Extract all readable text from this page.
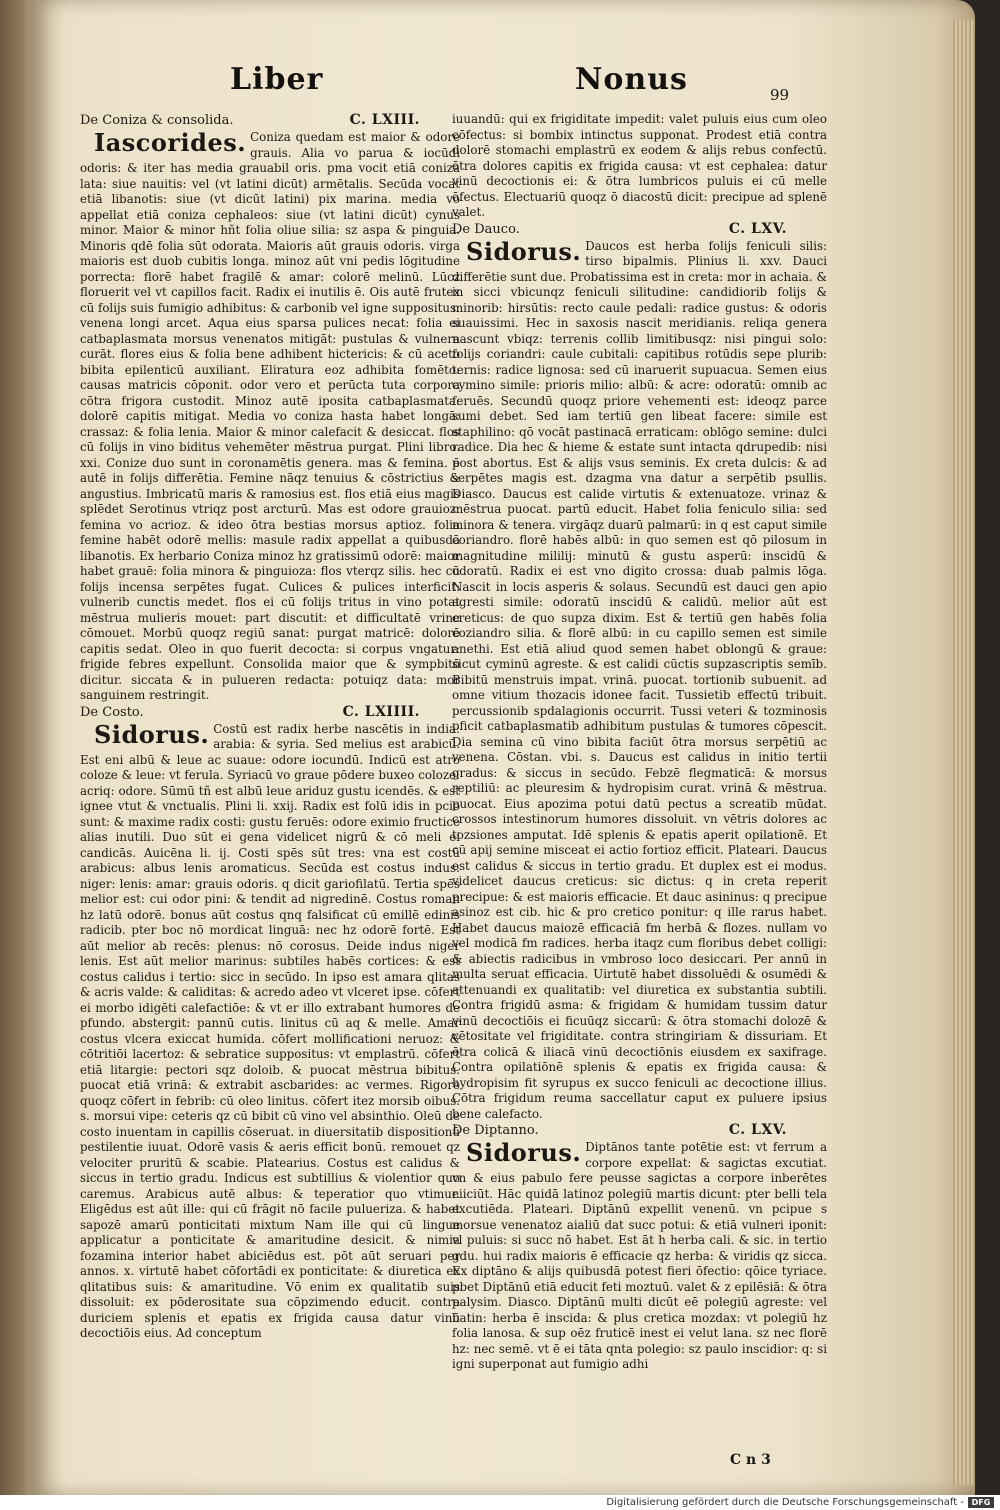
Liber	Nonus	99
De Coniza & consolida.	C. LXIII.

Iascorides. Coniza quedam est maior & odore grauis. Alia vo parua & iocūdi odoris: & iter has media grauabil oris. pma vocit etiā coniza lata: siue nauitis: vel (vt latini dicūt) armētalis. Secūda vocat etiā libanotis: siue (vt dicūt latini) pix marina. media vo appellat etiā coniza cephaleos: siue (vt latini dicūt) cynus minor. Maior & minor hñt folia oliue silia: sz aspa & pinguia. Minoris qdē folia sūt odorata. Maioris aūt grauis odoris. virga maioris est duob cubitis longa. minoz aūt vni pedis lōgitudine porrecta: florē habet fragilē & amar: colorē melinū. Lūcz floruerit vel vt capillos facit. Radix ei inutilis ē. Ois autē frutex cū folijs suis fumigio adhibitus: & carbonib vel igne suppositus: venena longi arcet. Aqua eius sparsa pulices necat: folia ei catbaplasmata morsus venenatos mitigāt: pustulas & vulnera curāt. flores eius & folia bene adhibent hictericis: & cū aceto bibita epilenticū auxiliant. Eliratura eoz adhibita fomēto: causas matricis cōponit. odor vero et perūcta tuta corpora cōtra frigora custodit. Minoz autē iposita catbaplasmata: dolorē capitis mitigat. Media vo coniza hasta habet longā: crassaz: & folia lenia. Maior & minor calefacit & desiccat. flos cū folijs in vino biditus vehemēter mēstrua purgat. Plini libro. xxi. Conize duo sunt in coronamētis genera. mas & femina. ē autē in folijs differētia. Femine nāqz tenuius & cōstrictius & angustius. Imbricatū maris & ramosius est. flos etiā eius magis splēdet Serotinus vtriqz post arcturū. Mas est odore grauioz: femina vo acrioz. & ideo ōtra bestias morsus aptioz. folia femine habēt odorē mellis: masule radix appellat a quibusdā libanotis. Ex herbario Coniza minoz hz gratissimū odorē: maior habet grauē: folia minora & pinguioza: flos vterqz silis. hec cū folijs incensa serpētes fugat. Culices & pulices interficit: vulnerib cunctis medet. flos ei cū folijs tritus in vino potat mēstrua mulieris mouet: part discutit: et difficultatē vrine cōmouet. Morbū quoqz regiū sanat: purgat matricē: dolorē capitis sedat. Oleo in quo fuerit decocta: si corpus vngatur: frigide febres expellunt. Consolida maior que & sympbitō dicitur. siccata & in pulueren redacta: potuiqz data: mor sanguinem restringit.

De Costo.	C. LXIIII.

Sidorus. Costū est radix herbe nascētis in india: arabia: & syria. Sed melius est arabicū. Est eni albū & leue ac suaue: odore iocundū. Indicū est atro coloze & leue: vt ferula. Syriacū vo graue pōdere buxeo coloze: acriq: odore. Sūmū tñ est albū leue ariduz gustu icendēs. & est ignee vtut & vnctualis. Plini li. xxij. Radix est folū idis in pcio sunt: & maxime radix costi: gustu feruēs: odore eximio fructice alias inutili. Duo sūt ei gena videlicet nigrū & cō meli ei candicās. Auicēna li. ij. Costi spēs sūt tres: vna est costū arabicus: albus lenis aromaticus. Secūda est costus indus: niger: lenis: amar: grauis odoris. q dicit gariofilatū. Tertia spēs melior est: cui odor pini: & tendit ad nigredinē. Costus roman hz latū odorē. bonus aūt costus qnq falsificat cū emillē edinis radicib. pter boc nō mordicat linguā: nec hz odorē fortē. Est aūt melior ab recēs: plenus: nō corosus. Deide indus niger lenis. Est aūt melior marinus: subtiles habēs cortices: & est costus calidus i tertio: sicc in secūdo. In ipso est amara qlitas & acris valde: & caliditas: & acredo adeo vt vlceret ipse. cōfert ei morbo idigēti calefactiōe: & vt er illo extrabant humores de pfundo. abstergit: pannū cutis. linitus cū aq & melle. Amar costus vlcera exiccat humida. cōfert mollificationi neruoz: & cōtritiōi lacertoz: & sebratice suppositus: vt emplastrū. cōfert etiā litargie: pectori sqz doloib. & puocat mēstrua bibitus. puocat etiā vrinā: & extrabit ascbarides: ac vermes. Rigore quoqz cōfert in febrib: cū oleo linitus. cōfert itez morsib oibus. s. morsui vipe: ceteris qz cū bibit cū vino vel absinthio. Oleū de costo inuentam in capillis cōseruat. in diuersitatib dispositionū pestilentie iuuat. Odorē vasis & aeris efficit bonū. remouet qz velociter pruritū & scabie. Platearius. Costus est calidus & siccus in tertio gradu. Indicus est subtillius & violentior quo caremus. Arabicus autē albus: & teperatior quo vtimur. Eligēdus est aūt ille: qui cū frāgit nō facile pulueriza. & habet sapozē amarū ponticitati mixtum Nam ille qui cū lingue applicatur a ponticitate & amaritudine desicit. & nimia fozamina interior habet abiciēdus est. pōt aūt seruari per annos. x. virtutē habet cōfortādi ex ponticitate: & diuretica ex qlitatibus suis: & amaritudine. Vō enim ex qualitatib suis dissoluit: ex pōderositate sua cōpzimendo educit. contra duriciem splenis et epatis ex frigida causa datur vinū decoctiōis eius. Ad conceptum

iuuandū: qui ex frigiditate impedit: valet puluis eius cum oleo cōfectus: si bombix intinctus supponat. Prodest etiā contra dolorē stomachi emplastrū ex eodem & alijs rebus confectū. ōtra dolores capitis ex frigida causa: vt est cephalea: datur vinū decoctionis ei: & ōtra lumbricos puluis ei cū melle ōfectus. Electuariū quoqz ō diacostū dicit: precipue ad splenē valet.

De Dauco.	C. LXV.

Sidorus. Daucos est herba folijs feniculi silis: tirso bipalmis. Plinius li. xxv. Dauci differētie sunt due. Probatissima est in creta: mor in achaia. & in sicci vbicunqz feniculi silitudine: candidiorib folijs & minorib: hirsūtis: recto caule pedali: radice gustus: & odoris suauissimi. Hec in saxosis nascit meridianis. reliqa genera nascunt vbiqz: terrenis collib limitibusqz: nisi pingui solo: folijs coriandri: caule cubitali: capitibus rotūdis sepe plurib: ternis: radice lignosa: sed cū inaruerit supuacua. Semen eius cymino simile: prioris milio: albū: & acre: odoratū: omnib ac feruēs. Secundū quoqz priore vehementi est: ideoqz parce sumi debet. Sed iam tertiū gen libeat facere: simile est staphilino: qō vocāt pastinacā erraticam: oblōgo semine: dulci radice. Dia hec & hieme & estate sunt intacta qdrupedib: nisi post abortus. Est & alijs vsus seminis. Ex creta dulcis: & ad serpētes magis est. dzagma vna datur a serpētib psullis. Diasco. Daucus est calide virtutis & extenuatoze. vrinaz & mēstrua puocat. partū educit. Habet folia feniculo silia: sed minora & tenera. virgāqz duarū palmarū: in q est caput simile coriandro. florē habēs albū: in quo semen est qō pilosum in magnitudine mililij: minutū & gustu asperū: inscidū & odoratū. Radix ei est vno digito crossa: duab palmis lōga. Nascit in locis asperis & solaus. Secundū est dauci gen apio agresti simile: odoratū inscidū & calidū. melior aūt est creticus: de quo supza dixim. Est & tertiū gen habēs folia coziandro silia. & florē albū: in cu capillo semen est simile anethi. Est etiā aliud quod semen habet oblongū & graue: sicut cyminū agreste. & est calidi cūctis supzascriptis semīb. Bibitū menstruis impat. vrinā. puocat. tortionib subuenit. ad omne vitium thozacis idonee facit. Tussietib effectū tribuit. percussionib spdalagionis occurrit. Tussi veteri & tozminosis pficit catbaplasmatib adhibitum pustulas & tumores cōpescit. Dia semina cū vino bibita faciūt ōtra morsus serpētiū ac venena. Cōstan. vbi. s. Daucus est calidus in initio tertii gradus: & siccus in secūdo. Febzē flegmaticā: & morsus reptiliū: ac pleuresim & hydropisim curat. vrinā & mēstrua. puocat. Eius apozima potui datū pectus a screatib mūdat. crossos intestinorum humores dissoluit. vn vētris dolores ac tozsiones amputat. Idē splenis & epatis aperit opilationē. Et cū apij semine misceat ei actio fortioz efficit. Plateari. Daucus est calidus & siccus in tertio gradu. Et duplex est ei modus. videlicet daucus creticus: sic dictus: q in creta reperit precipue: & est maioris efficacie. Et dauc asininus: q precipue asinoz est cib. hic & pro cretico ponitur: q ille rarus habet. Habet daucus maiozē efficaciā fm herbā & flozes. nullam vo vel modicā fm radices. herba itaqz cum floribus debet colligi: & abiectis radicibus in vmbroso loco desiccari. Per annū in multa seruat efficacia. Uirtutē habet dissoluēdi & osumēdi & attenuandi ex qualitatib: vel diuretica ex substantia subtili. Contra frigidū asma: & frigidam & humidam tussim datur vinū decoctiōis ei ficuūqz siccarū: & ōtra stomachi dolozē & vētositate vel frigiditate. contra stringiriam & dissuriam. Et ōtra colicā & iliacā vinū decoctiōnis eiusdem ex saxifrage. Contra opilatiōnē splenis & epatis ex frigida causa: & hydropisim fit syrupus ex succo feniculi ac decoctione illius. Cōtra frigidum reuma saccellatur caput ex puluere ipsius bene calefacto.

De Diptanno.	C. LXV.

Sidorus. Diptānos tante potētie est: vt ferrum a corpore expellat: & sagictas excutiat. vn & eius pabulo fere peusse sagictas a corpore inberētes eiiciūt. Hāc quidā latinoz polegiū martis dicunt: pter belli tela excutiēda. Plateari. Diptānū expellit venenū. vn pcipue s morsue venenatoz aialiū dat succ potui: & etiā vulneri iponit: vl puluis: si succ nō habet. Est āt h herba cali. & sic. in tertio gdu. hui radix maioris ē efficacie qz herba: & viridis qz sicca. Ex diptāno & alijs quibusdā potest fieri ōfectio: qōice tyriace. pbet Diptānū etiā educit feti moztuū. valet & z epilēsiā: & ōtra palysim. Diasco. Diptānū multi dicūt eē polegiū agreste: vel batin: herba ē inscida: & plus cretica mozdax: vt polegiū hz folia lanosa. & sup oēz fruticē inest ei velut lana. sz nec florē hz: nec semē. vt ē ei tāta qnta polegio: sz paulo inscidior: q: si igni superponat aut fumigio adhi

C n 3
Digitalisierung gefördert durch die Deutsche Forschungsgemeinschaft - DFG
